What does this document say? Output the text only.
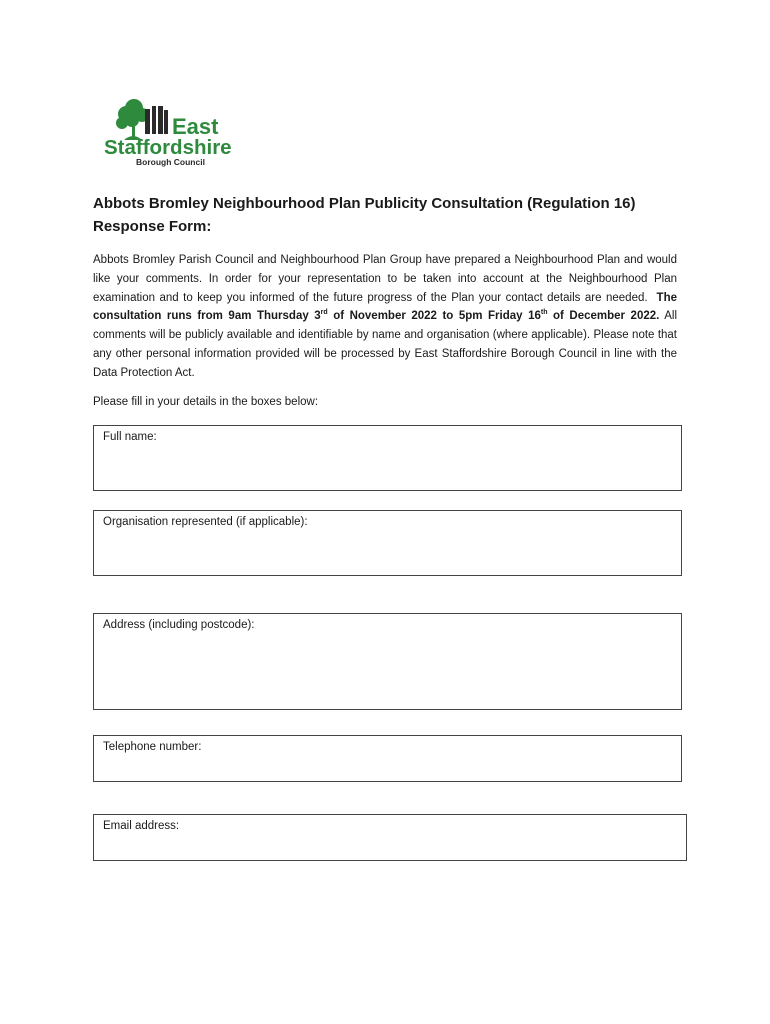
East
Staffordshire
Borough Council
Abbots Bromley Neighbourhood Plan Publicity Consultation (Regulation 16)
Response Form:
Abbots Bromley Parish Council and Neighbourhood Plan Group have prepared a Neighbourhood Plan and would like your comments. In order for your representation to be taken into account at the Neighbourhood Plan examination and to keep you informed of the future progress of the Plan your contact details are needed. The consultation runs from 9am Thursday 3rd of November 2022 to 5pm Friday 16th of December 2022. All comments will be publicly available and identifiable by name and organisation (where applicable). Please note that any other personal information provided will be processed by East Staffordshire Borough Council in line with the Data Protection Act.
Please fill in your details in the boxes below:
Full name:
Organisation represented (if applicable):
Address (including postcode):
Telephone number:
Email address:
